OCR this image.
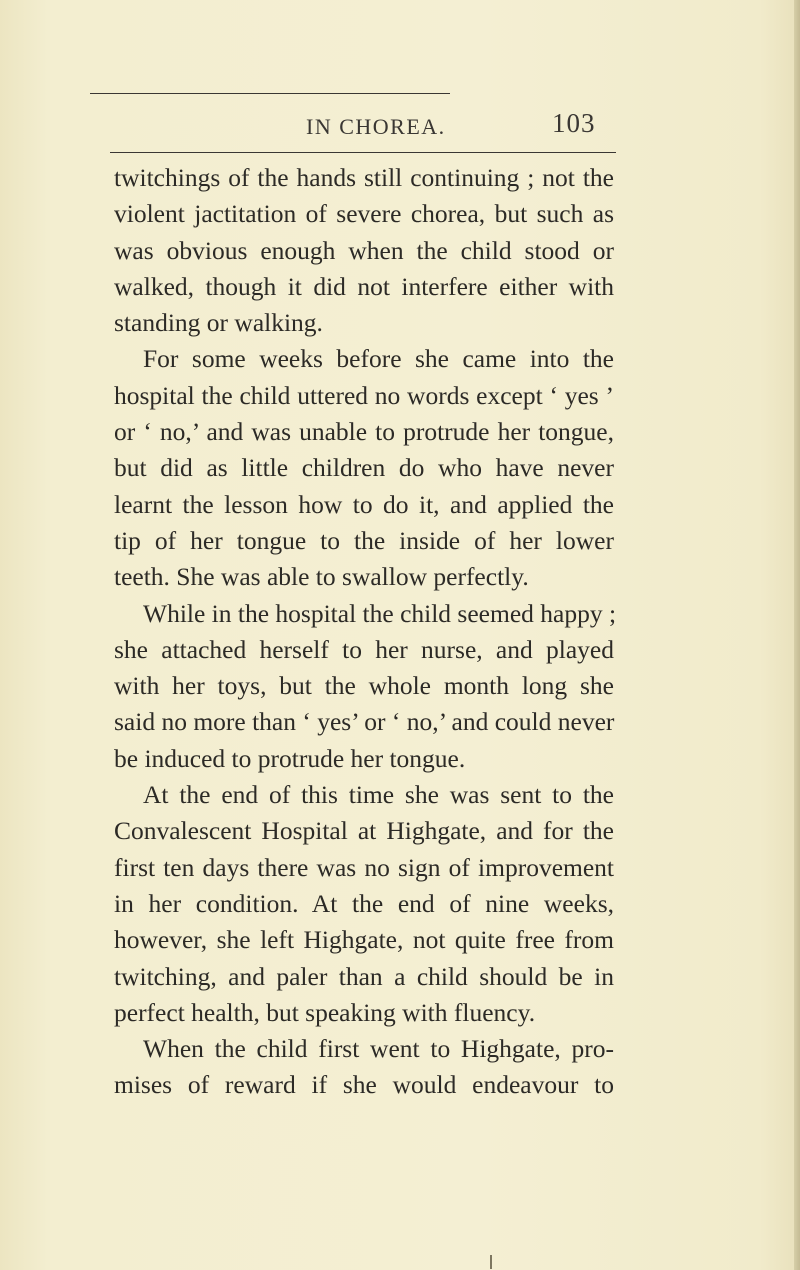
IN CHOREA.	103
twitchings of the hands still continuing ; not the
violent jactitation of severe chorea, but such as
was obvious enough when the child stood or
walked, though it did not interfere either with
standing or walking.
For some weeks before she came into the
hospital the child uttered no words except ‘ yes ’
or ‘ no,’ and was unable to protrude her tongue,
but did as little children do who have never
learnt the lesson how to do it, and applied the
tip of her tongue to the inside of her lower
teeth. She was able to swallow perfectly.
While in the hospital the child seemed happy ;
she attached herself to her nurse, and played
with her toys, but the whole month long she
said no more than ‘ yes’ or ‘ no,’ and could never
be induced to protrude her tongue.
At the end of this time she was sent to the
Convalescent Hospital at Highgate, and for the
first ten days there was no sign of improvement
in her condition. At the end of nine weeks,
however, she left Highgate, not quite free from
twitching, and paler than a child should be in
perfect health, but speaking with fluency.
When the child first went to Highgate, pro-
mises of reward if she would endeavour to
